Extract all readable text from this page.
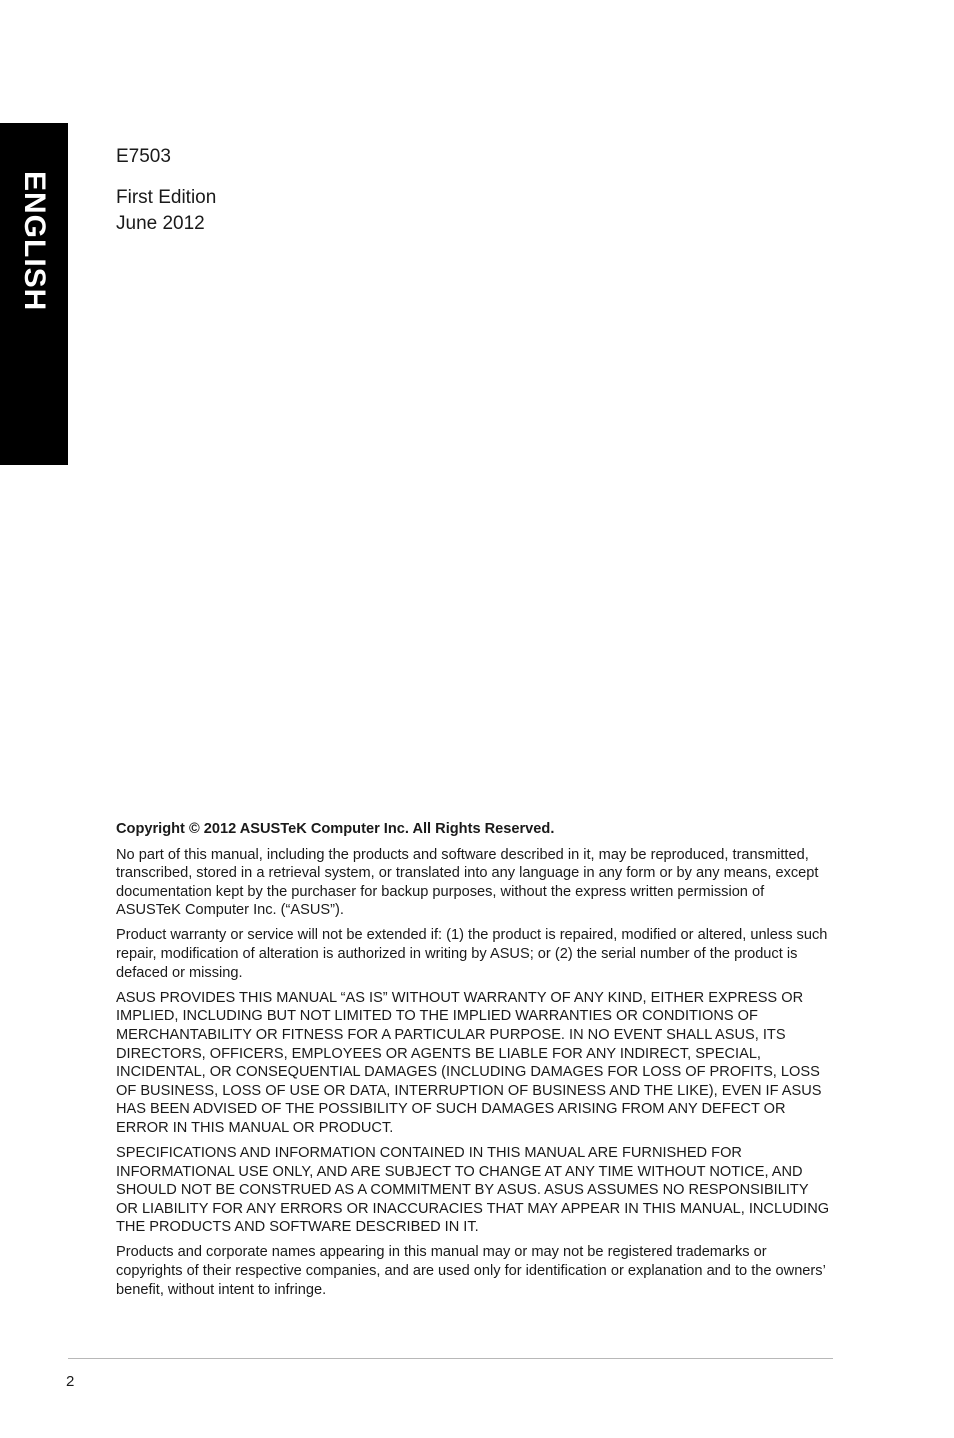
ENGLISH
E7503
First Edition
June 2012

Copyright © 2012 ASUSTeK Computer Inc. All Rights Reserved.

No part of this manual, including the products and software described in it, may be reproduced, transmitted, transcribed, stored in a retrieval system, or translated into any language in any form or by any means, except documentation kept by the purchaser for backup purposes, without the express written permission of ASUSTeK Computer Inc. (“ASUS”).

Product warranty or service will not be extended if: (1) the product is repaired, modified or altered, unless such repair, modification of alteration is authorized in writing by ASUS; or (2) the serial number of the product is defaced or missing.

ASUS PROVIDES THIS MANUAL “AS IS” WITHOUT WARRANTY OF ANY KIND, EITHER EXPRESS OR IMPLIED, INCLUDING BUT NOT LIMITED TO THE IMPLIED WARRANTIES OR CONDITIONS OF MERCHANTABILITY OR FITNESS FOR A PARTICULAR PURPOSE. IN NO EVENT SHALL ASUS, ITS DIRECTORS, OFFICERS, EMPLOYEES OR AGENTS BE LIABLE FOR ANY INDIRECT, SPECIAL, INCIDENTAL, OR CONSEQUENTIAL DAMAGES (INCLUDING DAMAGES FOR LOSS OF PROFITS, LOSS OF BUSINESS, LOSS OF USE OR DATA, INTERRUPTION OF BUSINESS AND THE LIKE), EVEN IF ASUS HAS BEEN ADVISED OF THE POSSIBILITY OF SUCH DAMAGES ARISING FROM ANY DEFECT OR ERROR IN THIS MANUAL OR PRODUCT.

SPECIFICATIONS AND INFORMATION CONTAINED IN THIS MANUAL ARE FURNISHED FOR INFORMATIONAL USE ONLY, AND ARE SUBJECT TO CHANGE AT ANY TIME WITHOUT NOTICE, AND SHOULD NOT BE CONSTRUED AS A COMMITMENT BY ASUS. ASUS ASSUMES NO RESPONSIBILITY OR LIABILITY FOR ANY ERRORS OR INACCURACIES THAT MAY APPEAR IN THIS MANUAL, INCLUDING THE PRODUCTS AND SOFTWARE DESCRIBED IN IT.

Products and corporate names appearing in this manual may or may not be registered trademarks or copyrights of their respective companies, and are used only for identification or explanation and to the owners’ benefit, without intent to infringe.

2
